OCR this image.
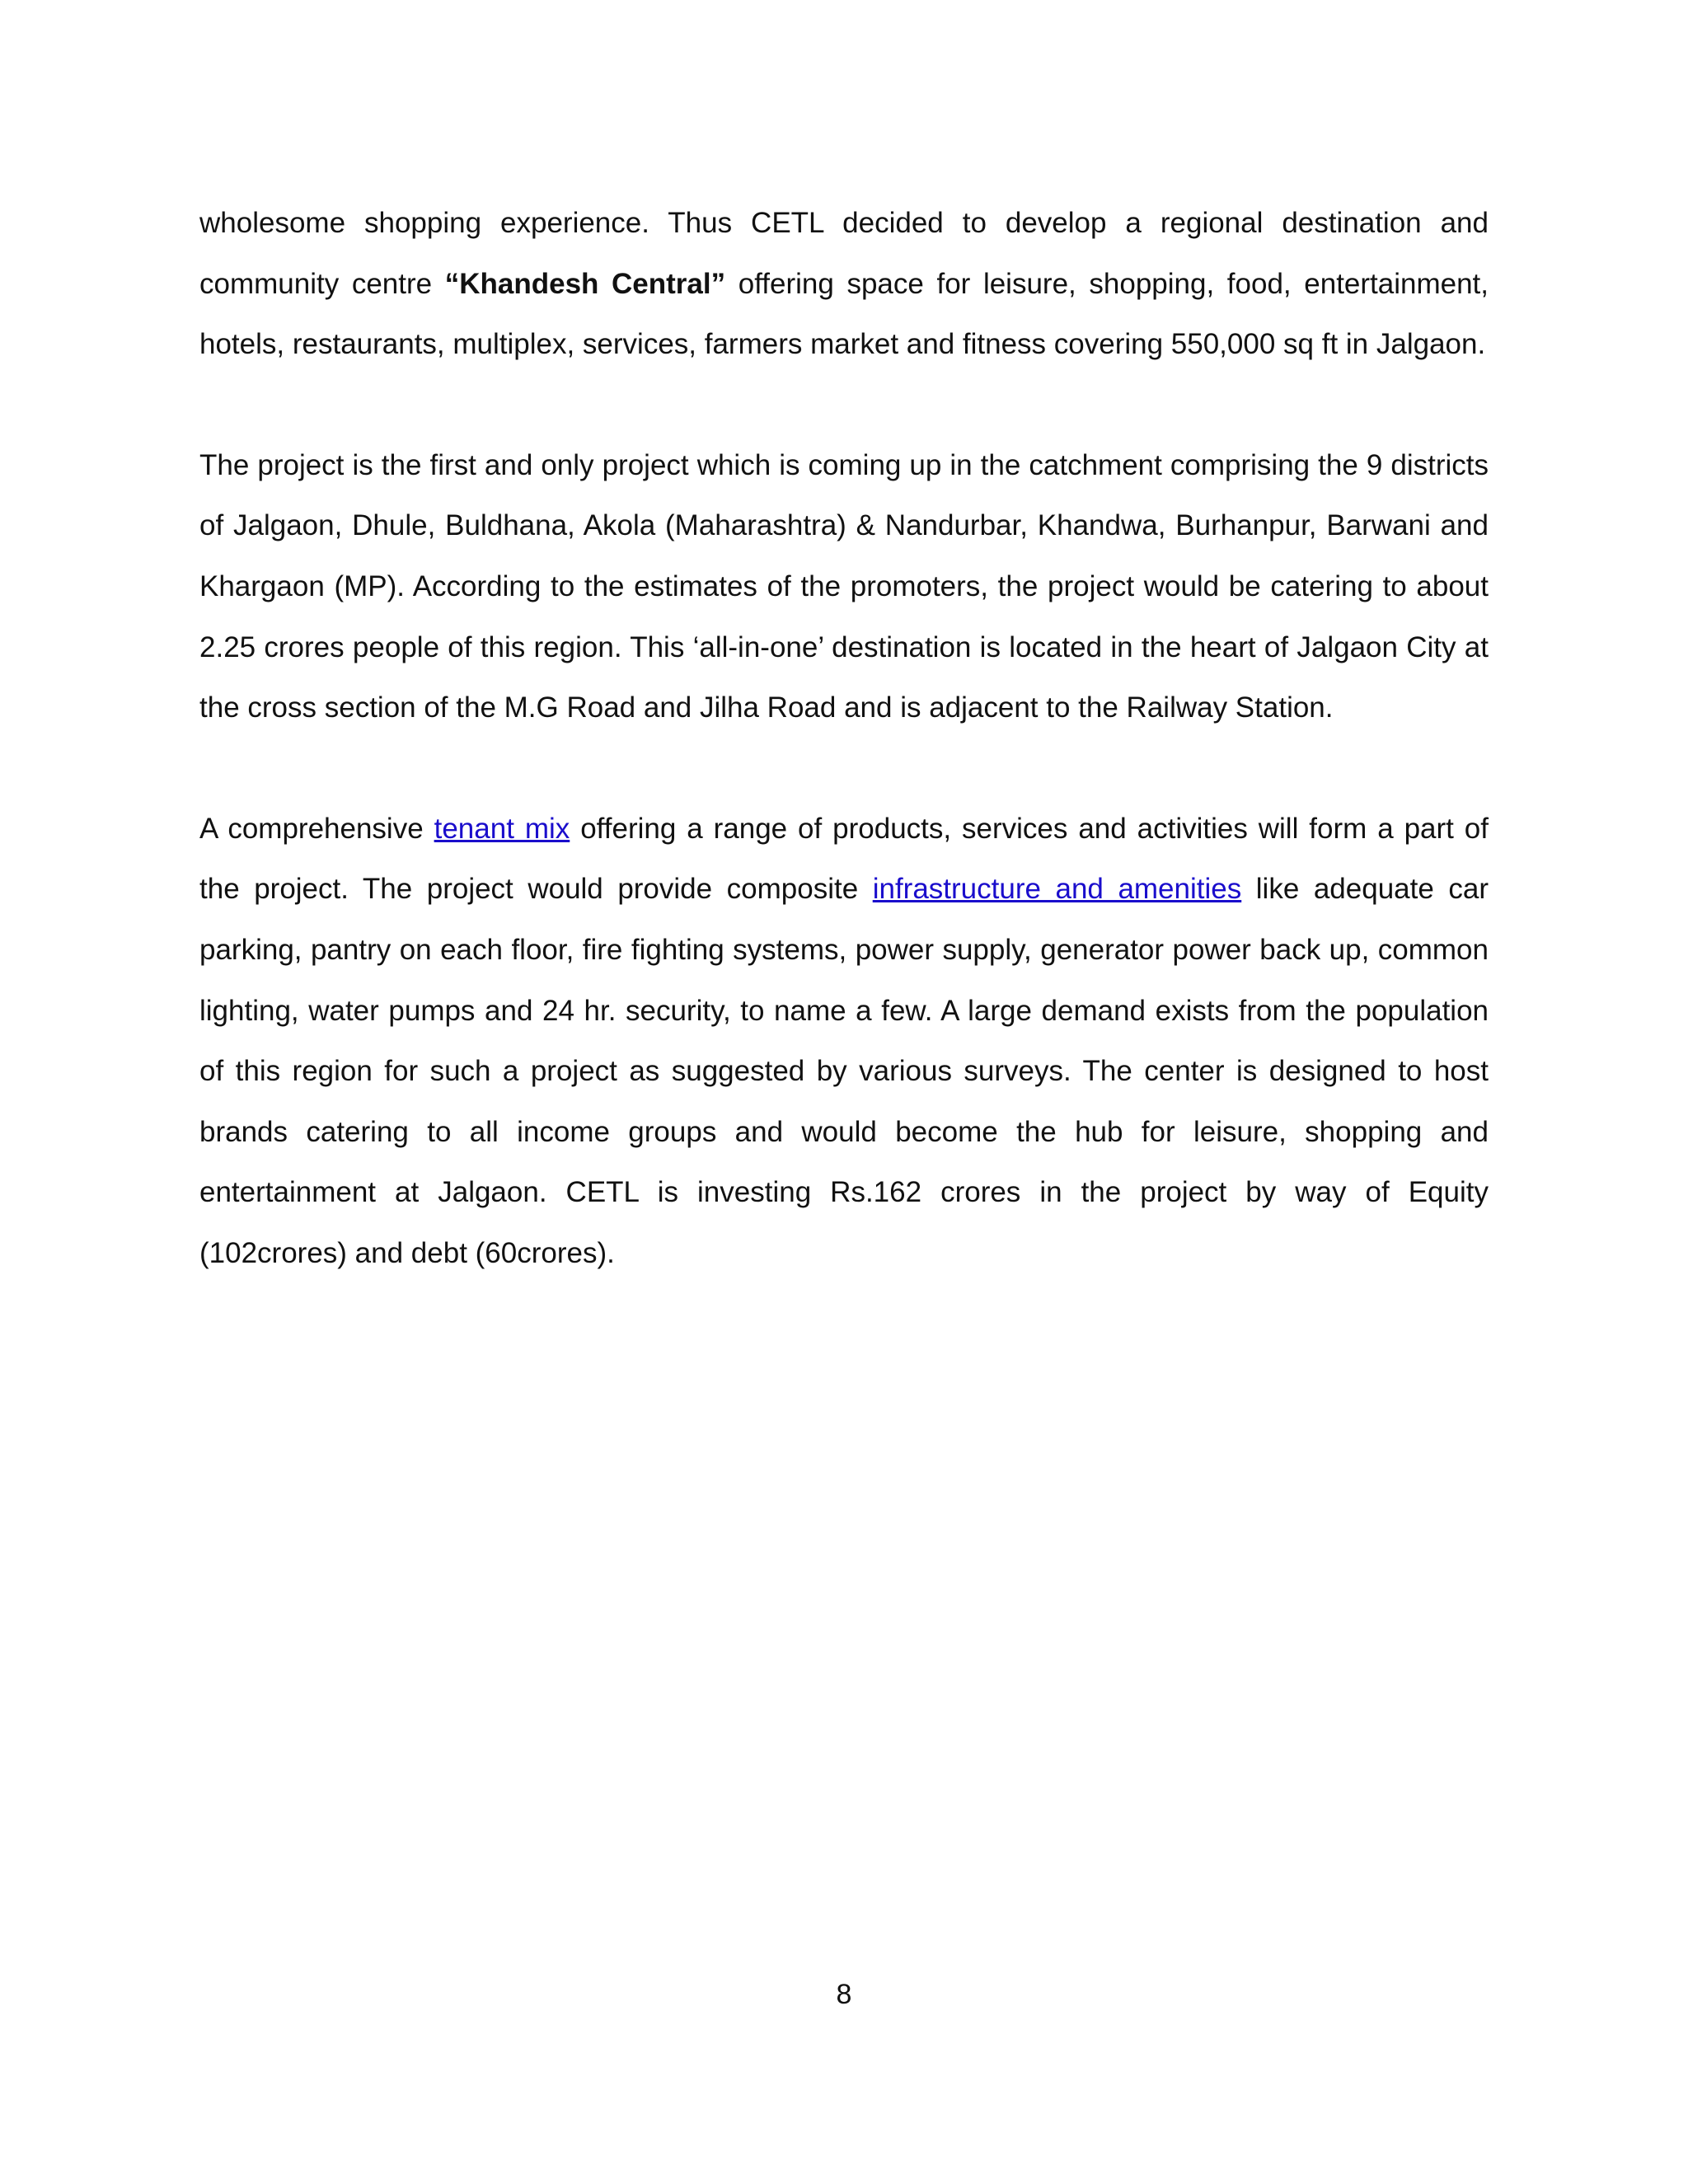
wholesome shopping experience. Thus CETL decided to develop a regional destination and community centre “Khandesh Central” offering space for leisure, shopping, food, entertainment, hotels, restaurants, multiplex, services, farmers market and fitness covering 550,000 sq ft in Jalgaon.

The project is the first and only project which is coming up in the catchment comprising the 9 districts of Jalgaon, Dhule, Buldhana, Akola (Maharashtra) & Nandurbar, Khandwa, Burhanpur, Barwani and Khargaon (MP). According to the estimates of the promoters, the project would be catering to about 2.25 crores people of this region. This ‘all-in-one’ destination is located in the heart of Jalgaon City at the cross section of the M.G Road and Jilha Road and is adjacent to the Railway Station.

A comprehensive tenant mix offering a range of products, services and activities will form a part of the project. The project would provide composite infrastructure and amenities like adequate car parking, pantry on each floor, fire fighting systems, power supply, generator power back up, common lighting, water pumps and 24 hr. security, to name a few. A large demand exists from the population of this region for such a project as suggested by various surveys. The center is designed to host brands catering to all income groups and would become the hub for leisure, shopping and entertainment at Jalgaon. CETL is investing Rs.162 crores in the project by way of Equity (102crores) and debt (60crores).

8
